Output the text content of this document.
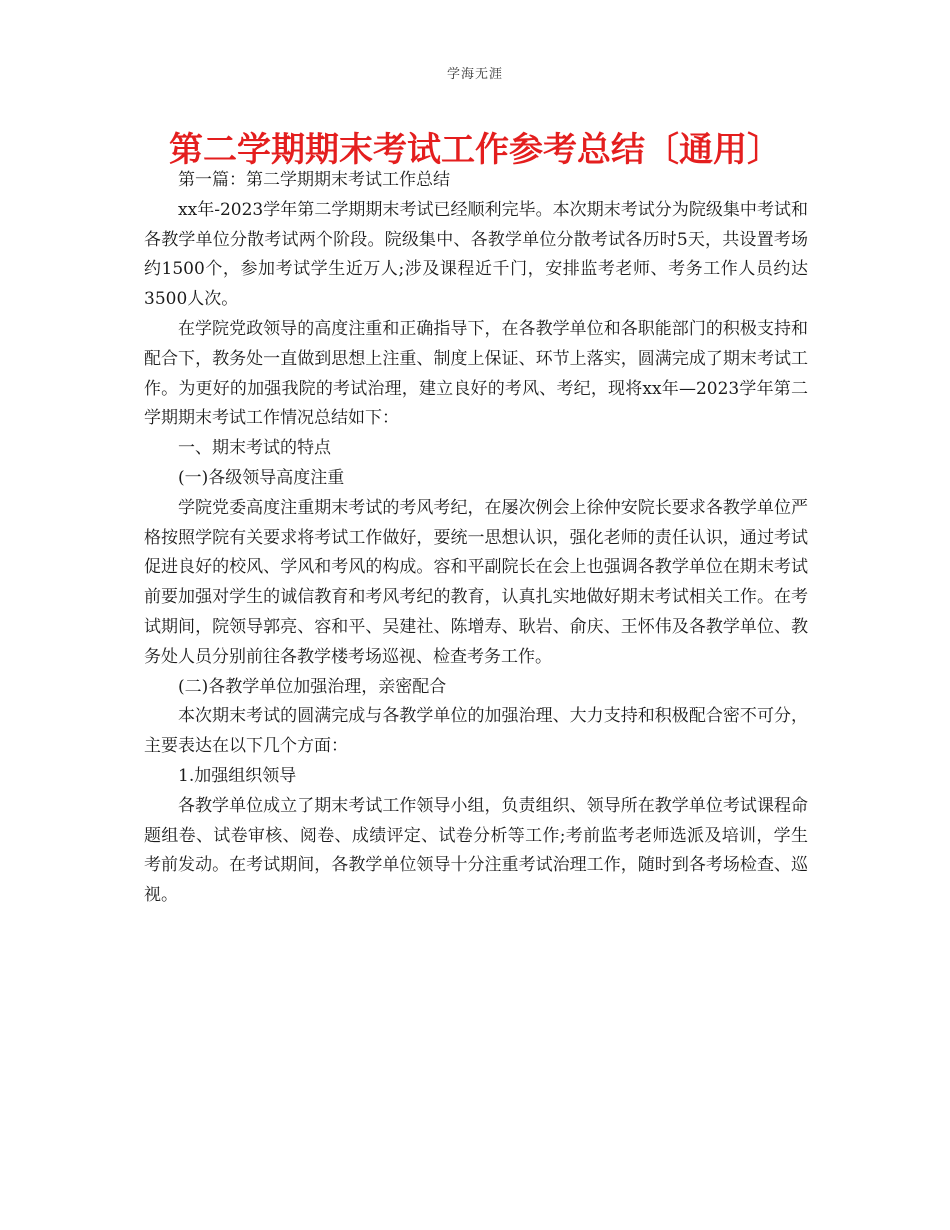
学海无涯
第二学期期末考试工作参考总结〔通用〕

第一篇：第二学期期末考试工作总结

xx年-2023学年第二学期期末考试已经顺利完毕。本次期末考试分为院级集中考试和各教学单位分散考试两个阶段。院级集中、各教学单位分散考试各历时5天，共设置考场约1500个，参加考试学生近万人;涉及课程近千门，安排监考老师、考务工作人员约达3500人次。

在学院党政领导的高度注重和正确指导下，在各教学单位和各职能部门的积极支持和配合下，教务处一直做到思想上注重、制度上保证、环节上落实，圆满完成了期末考试工作。为更好的加强我院的考试治理，建立良好的考风、考纪，现将xx年—2023学年第二学期期末考试工作情况总结如下：

一、期末考试的特点

(一)各级领导高度注重

学院党委高度注重期末考试的考风考纪，在屡次例会上徐仲安院长要求各教学单位严格按照学院有关要求将考试工作做好，要统一思想认识，强化老师的责任认识，通过考试促进良好的校风、学风和考风的构成。容和平副院长在会上也强调各教学单位在期末考试前要加强对学生的诚信教育和考风考纪的教育，认真扎实地做好期末考试相关工作。在考试期间，院领导郭亮、容和平、吴建社、陈增寿、耿岩、俞庆、王怀伟及各教学单位、教务处人员分别前往各教学楼考场巡视、检查考务工作。

(二)各教学单位加强治理，亲密配合

本次期末考试的圆满完成与各教学单位的加强治理、大力支持和积极配合密不可分，主要表达在以下几个方面：

1.加强组织领导

各教学单位成立了期末考试工作领导小组，负责组织、领导所在教学单位考试课程命题组卷、试卷审核、阅卷、成绩评定、试卷分析等工作;考前监考老师选派及培训，学生考前发动。在考试期间，各教学单位领导十分注重考试治理工作，随时到各考场检查、巡视。
